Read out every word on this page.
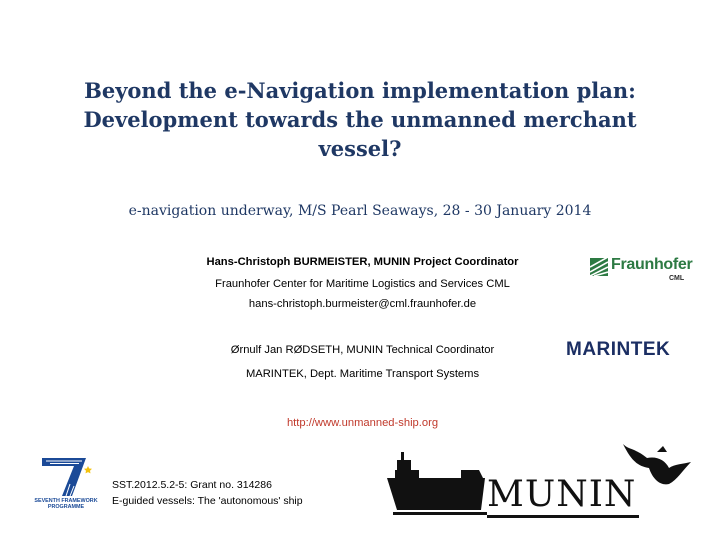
Beyond the e-Navigation implementation plan:
Development towards the unmanned merchant
vessel?
e-navigation underway, M/S Pearl Seaways, 28 - 30 January 2014
Hans-Christoph BURMEISTER, MUNIN Project Coordinator
Fraunhofer Center for Maritime Logistics and Services CML
hans-christoph.burmeister@cml.fraunhofer.de
Ørnulf Jan RØDSETH, MUNIN Technical Coordinator
MARINTEK, Dept. Maritime Transport Systems
http://www.unmanned-ship.org
Fraunhofer
CML
MARINTEK
SEVENTH FRAMEWORK
PROGRAMME
SST.2012.5.2-5: Grant no. 314286
E-guided vessels: The 'autonomous' ship	MUNIN
